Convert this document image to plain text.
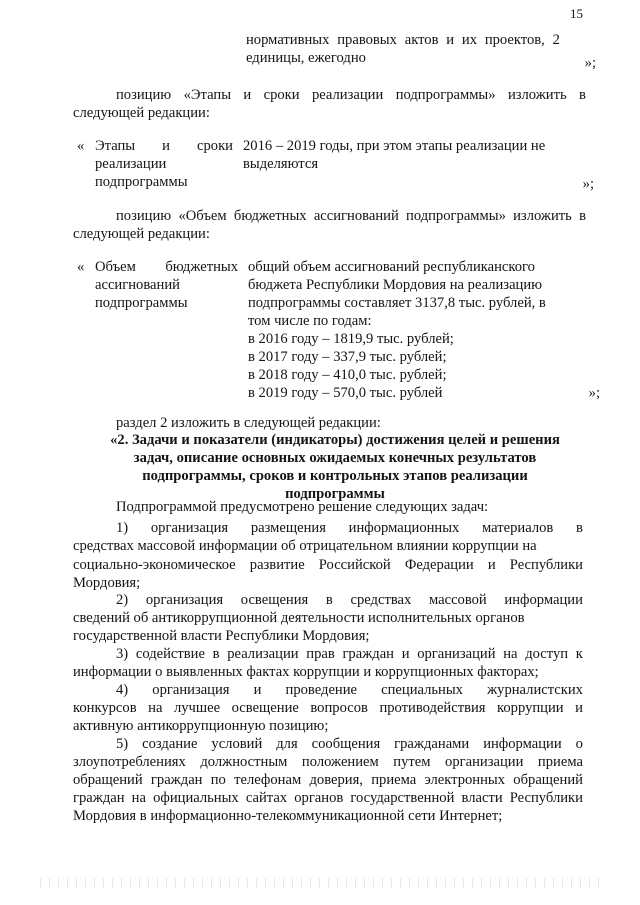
15
нормативных правовых актов и их проектов, 2
единицы, ежегодно	»;
позицию «Этапы и сроки реализации подпрограммы» изложить в
следующей редакции:
« Этапы и сроки
реализации
подпрограммы
2016 – 2019 годы, при этом этапы реализации не
выделяются
»;
позицию «Объем бюджетных ассигнований подпрограммы» изложить в
следующей редакции:
« Объем бюджетных
ассигнований
подпрограммы
общий объем ассигнований республиканского
бюджета Республики Мордовия на реализацию
подпрограммы составляет 3137,8 тыс. рублей, в
том числе по годам:
в 2016 году – 1819,9 тыс. рублей;
в 2017 году – 337,9 тыс. рублей;
в 2018 году – 410,0 тыс. рублей;
в 2019 году – 570,0 тыс. рублей	»;
раздел 2 изложить в следующей редакции:
«2. Задачи и показатели (индикаторы) достижения целей и решения
задач, описание основных ожидаемых конечных результатов
подпрограммы, сроков и контрольных этапов реализации
подпрограммы
Подпрограммой предусмотрено решение следующих задач:
1) организация размещения информационных материалов в
средствах массовой информации об отрицательном влиянии коррупции на
социально-экономическое развитие Российской Федерации и Республики
Мордовия;
2) организация освещения в средствах массовой информации
сведений об антикоррупционной деятельности исполнительных органов
государственной власти Республики Мордовия;
3) содействие в реализации прав граждан и организаций на доступ к
информации о выявленных фактах коррупции и коррупционных факторах;
4) организация и проведение специальных журналистских
конкурсов на лучшее освещение вопросов противодействия коррупции и
активную антикоррупционную позицию;
5) создание условий для сообщения гражданами информации о
злоупотреблениях должностным положением путем организации приема
обращений граждан по телефонам доверия, приема электронных обращений
граждан на официальных сайтах органов государственной власти Республики
Мордовия в информационно-телекоммуникационной сети Интернет;
